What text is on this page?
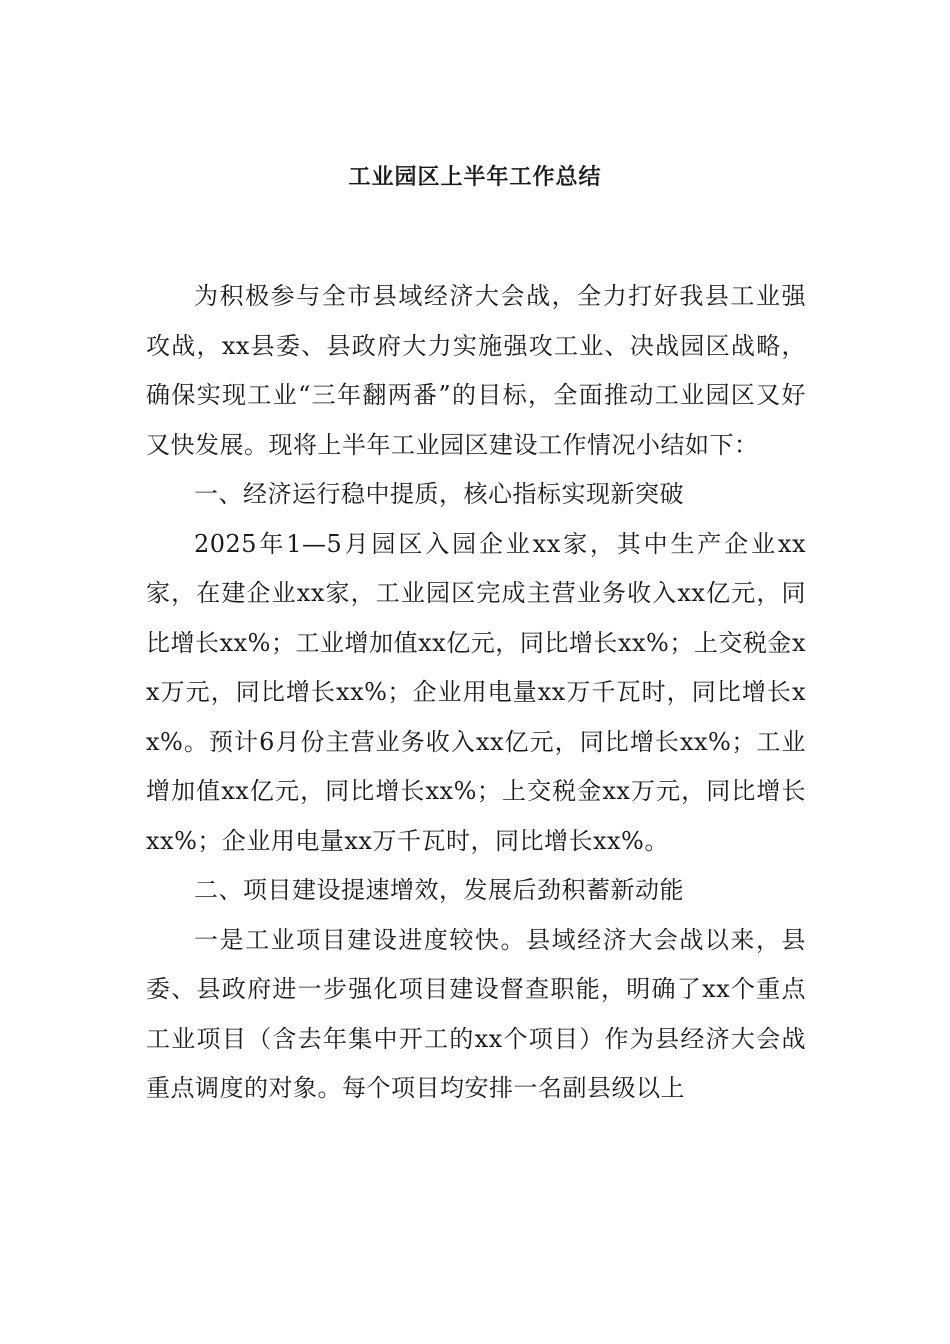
工业园区上半年工作总结

为积极参与全市县域经济大会战，全力打好我县工业强攻战，xx县委、县政府大力实施强攻工业、决战园区战略，确保实现工业“三年翻两番”的目标，全面推动工业园区又好又快发展。现将上半年工业园区建设工作情况小结如下：

一、经济运行稳中提质，核心指标实现新突破

2025年1—5月园区入园企业xx家，其中生产企业xx家，在建企业xx家，工业园区完成主营业务收入xx亿元，同比增长xx%；工业增加值xx亿元，同比增长xx%；上交税金xx万元，同比增长xx%；企业用电量xx万千瓦时，同比增长xx%。预计6月份主营业务收入xx亿元，同比增长xx%；工业增加值xx亿元，同比增长xx%；上交税金xx万元，同比增长xx%；企业用电量xx万千瓦时，同比增长xx%。

二、项目建设提速增效，发展后劲积蓄新动能

一是工业项目建设进度较快。县域经济大会战以来，县委、县政府进一步强化项目建设督查职能，明确了xx个重点工业项目（含去年集中开工的xx个项目）作为县经济大会战重点调度的对象。每个项目均安排一名副县级以上
